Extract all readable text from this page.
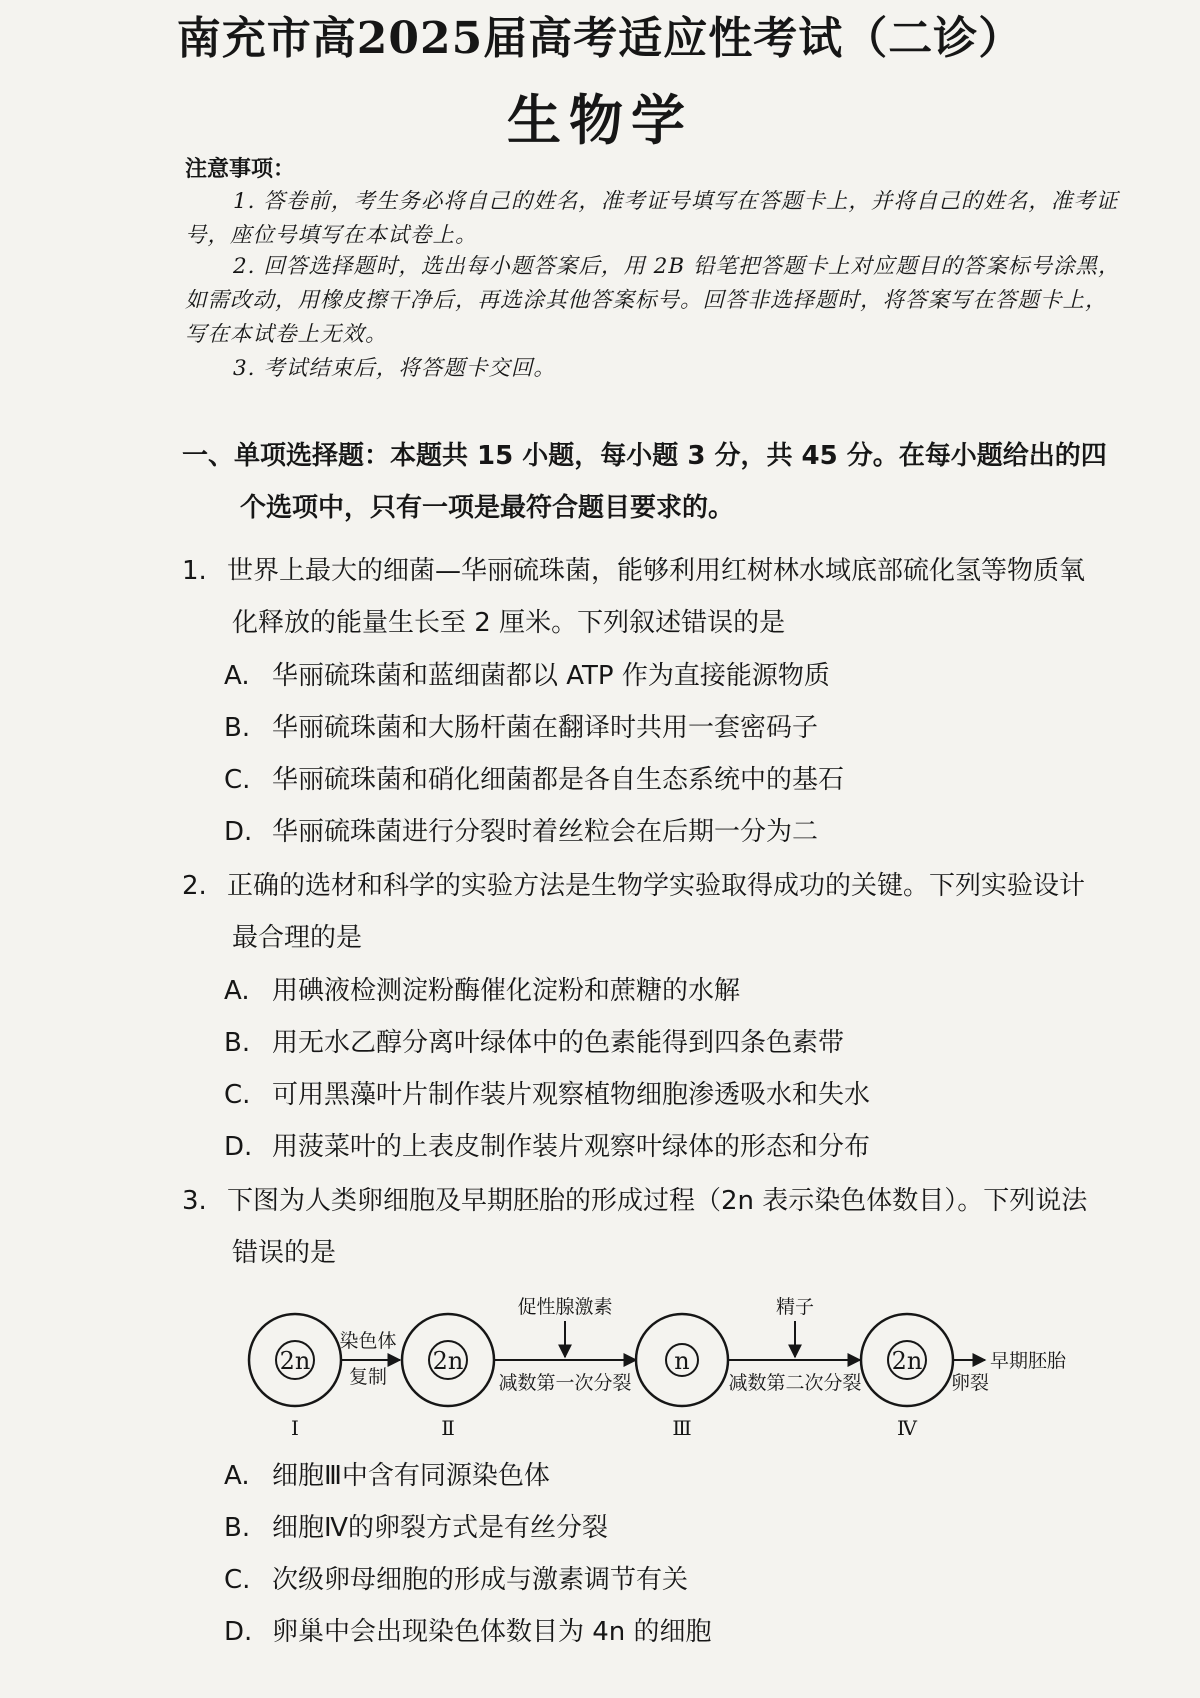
南充市高2025届高考适应性考试（二诊）
生物学
注意事项：
1. 答卷前，考生务必将自己的姓名，准考证号填写在答题卡上，并将自己的姓名，准考证
号，座位号填写在本试卷上。
2. 回答选择题时，选出每小题答案后，用 2B 铅笔把答题卡上对应题目的答案标号涂黑，
如需改动，用橡皮擦干净后，再选涂其他答案标号。回答非选择题时，将答案写在答题卡上，
写在本试卷上无效。
3. 考试结束后，将答题卡交回。
一、单项选择题：本题共 15 小题，每小题 3 分，共 45 分。在每小题给出的四
个选项中，只有一项是最符合题目要求的。
1. 世界上最大的细菌—华丽硫珠菌，能够利用红树林水域底部硫化氢等物质氧
化释放的能量生长至 2 厘米。下列叙述错误的是
A. 华丽硫珠菌和蓝细菌都以 ATP 作为直接能源物质
B. 华丽硫珠菌和大肠杆菌在翻译时共用一套密码子
C. 华丽硫珠菌和硝化细菌都是各自生态系统中的基石
D. 华丽硫珠菌进行分裂时着丝粒会在后期一分为二
2. 正确的选材和科学的实验方法是生物学实验取得成功的关键。下列实验设计
最合理的是
A. 用碘液检测淀粉酶催化淀粉和蔗糖的水解
B. 用无水乙醇分离叶绿体中的色素能得到四条色素带
C. 可用黑藻叶片制作装片观察植物细胞渗透吸水和失水
D. 用菠菜叶的上表皮制作装片观察叶绿体的形态和分布
3. 下图为人类卵细胞及早期胚胎的形成过程（2n 表示染色体数目）。下列说法
错误的是
2n
Ⅰ
染色体
复制
2n
Ⅱ
促性腺激素
减数第一次分裂
n
Ⅲ
精子
减数第二次分裂
2n
Ⅳ
卵裂
早期胚胎
A. 细胞Ⅲ中含有同源染色体
B. 细胞Ⅳ的卵裂方式是有丝分裂
C. 次级卵母细胞的形成与激素调节有关
D. 卵巢中会出现染色体数目为 4n 的细胞
